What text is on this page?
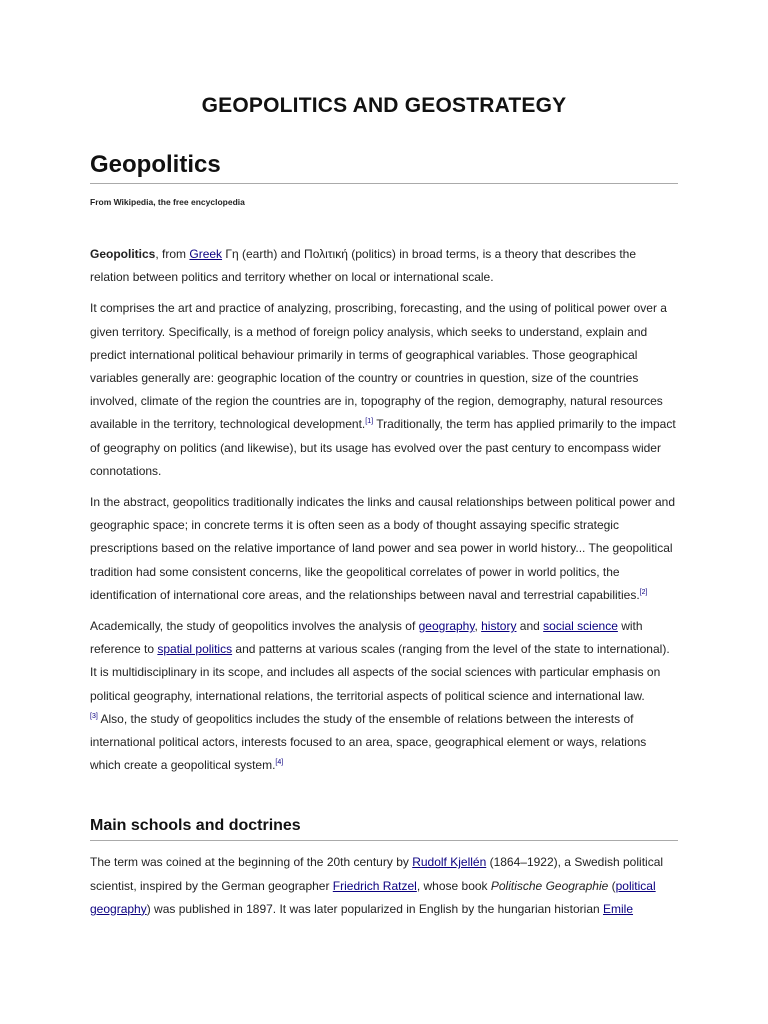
GEOPOLITICS AND GEOSTRATEGY
Geopolitics
From Wikipedia, the free encyclopedia

Geopolitics, from Greek Γη (earth) and Πολιτική (politics) in broad terms, is a theory that describes the relation between politics and territory whether on local or international scale.

It comprises the art and practice of analyzing, proscribing, forecasting, and the using of political power over a given territory. Specifically, is a method of foreign policy analysis, which seeks to understand, explain and predict international political behaviour primarily in terms of geographical variables. Those geographical variables generally are: geographic location of the country or countries in question, size of the countries involved, climate of the region the countries are in, topography of the region, demography, natural resources available in the territory, technological development.[1] Traditionally, the term has applied primarily to the impact of geography on politics (and likewise), but its usage has evolved over the past century to encompass wider connotations.

In the abstract, geopolitics traditionally indicates the links and causal relationships between political power and geographic space; in concrete terms it is often seen as a body of thought assaying specific strategic prescriptions based on the relative importance of land power and sea power in world history... The geopolitical tradition had some consistent concerns, like the geopolitical correlates of power in world politics, the identification of international core areas, and the relationships between naval and terrestrial capabilities.[2]

Academically, the study of geopolitics involves the analysis of geography, history and social science with reference to spatial politics and patterns at various scales (ranging from the level of the state to international). It is multidisciplinary in its scope, and includes all aspects of the social sciences with particular emphasis on political geography, international relations, the territorial aspects of political science and international law.
[3] Also, the study of geopolitics includes the study of the ensemble of relations between the interests of international political actors, interests focused to an area, space, geographical element or ways, relations which create a geopolitical system.[4]

Main schools and doctrines

The term was coined at the beginning of the 20th century by Rudolf Kjellén (1864–1922), a Swedish political scientist, inspired by the German geographer Friedrich Ratzel, whose book Politische Geographie (political geography) was published in 1897. It was later popularized in English by the hungarian historian Emile
